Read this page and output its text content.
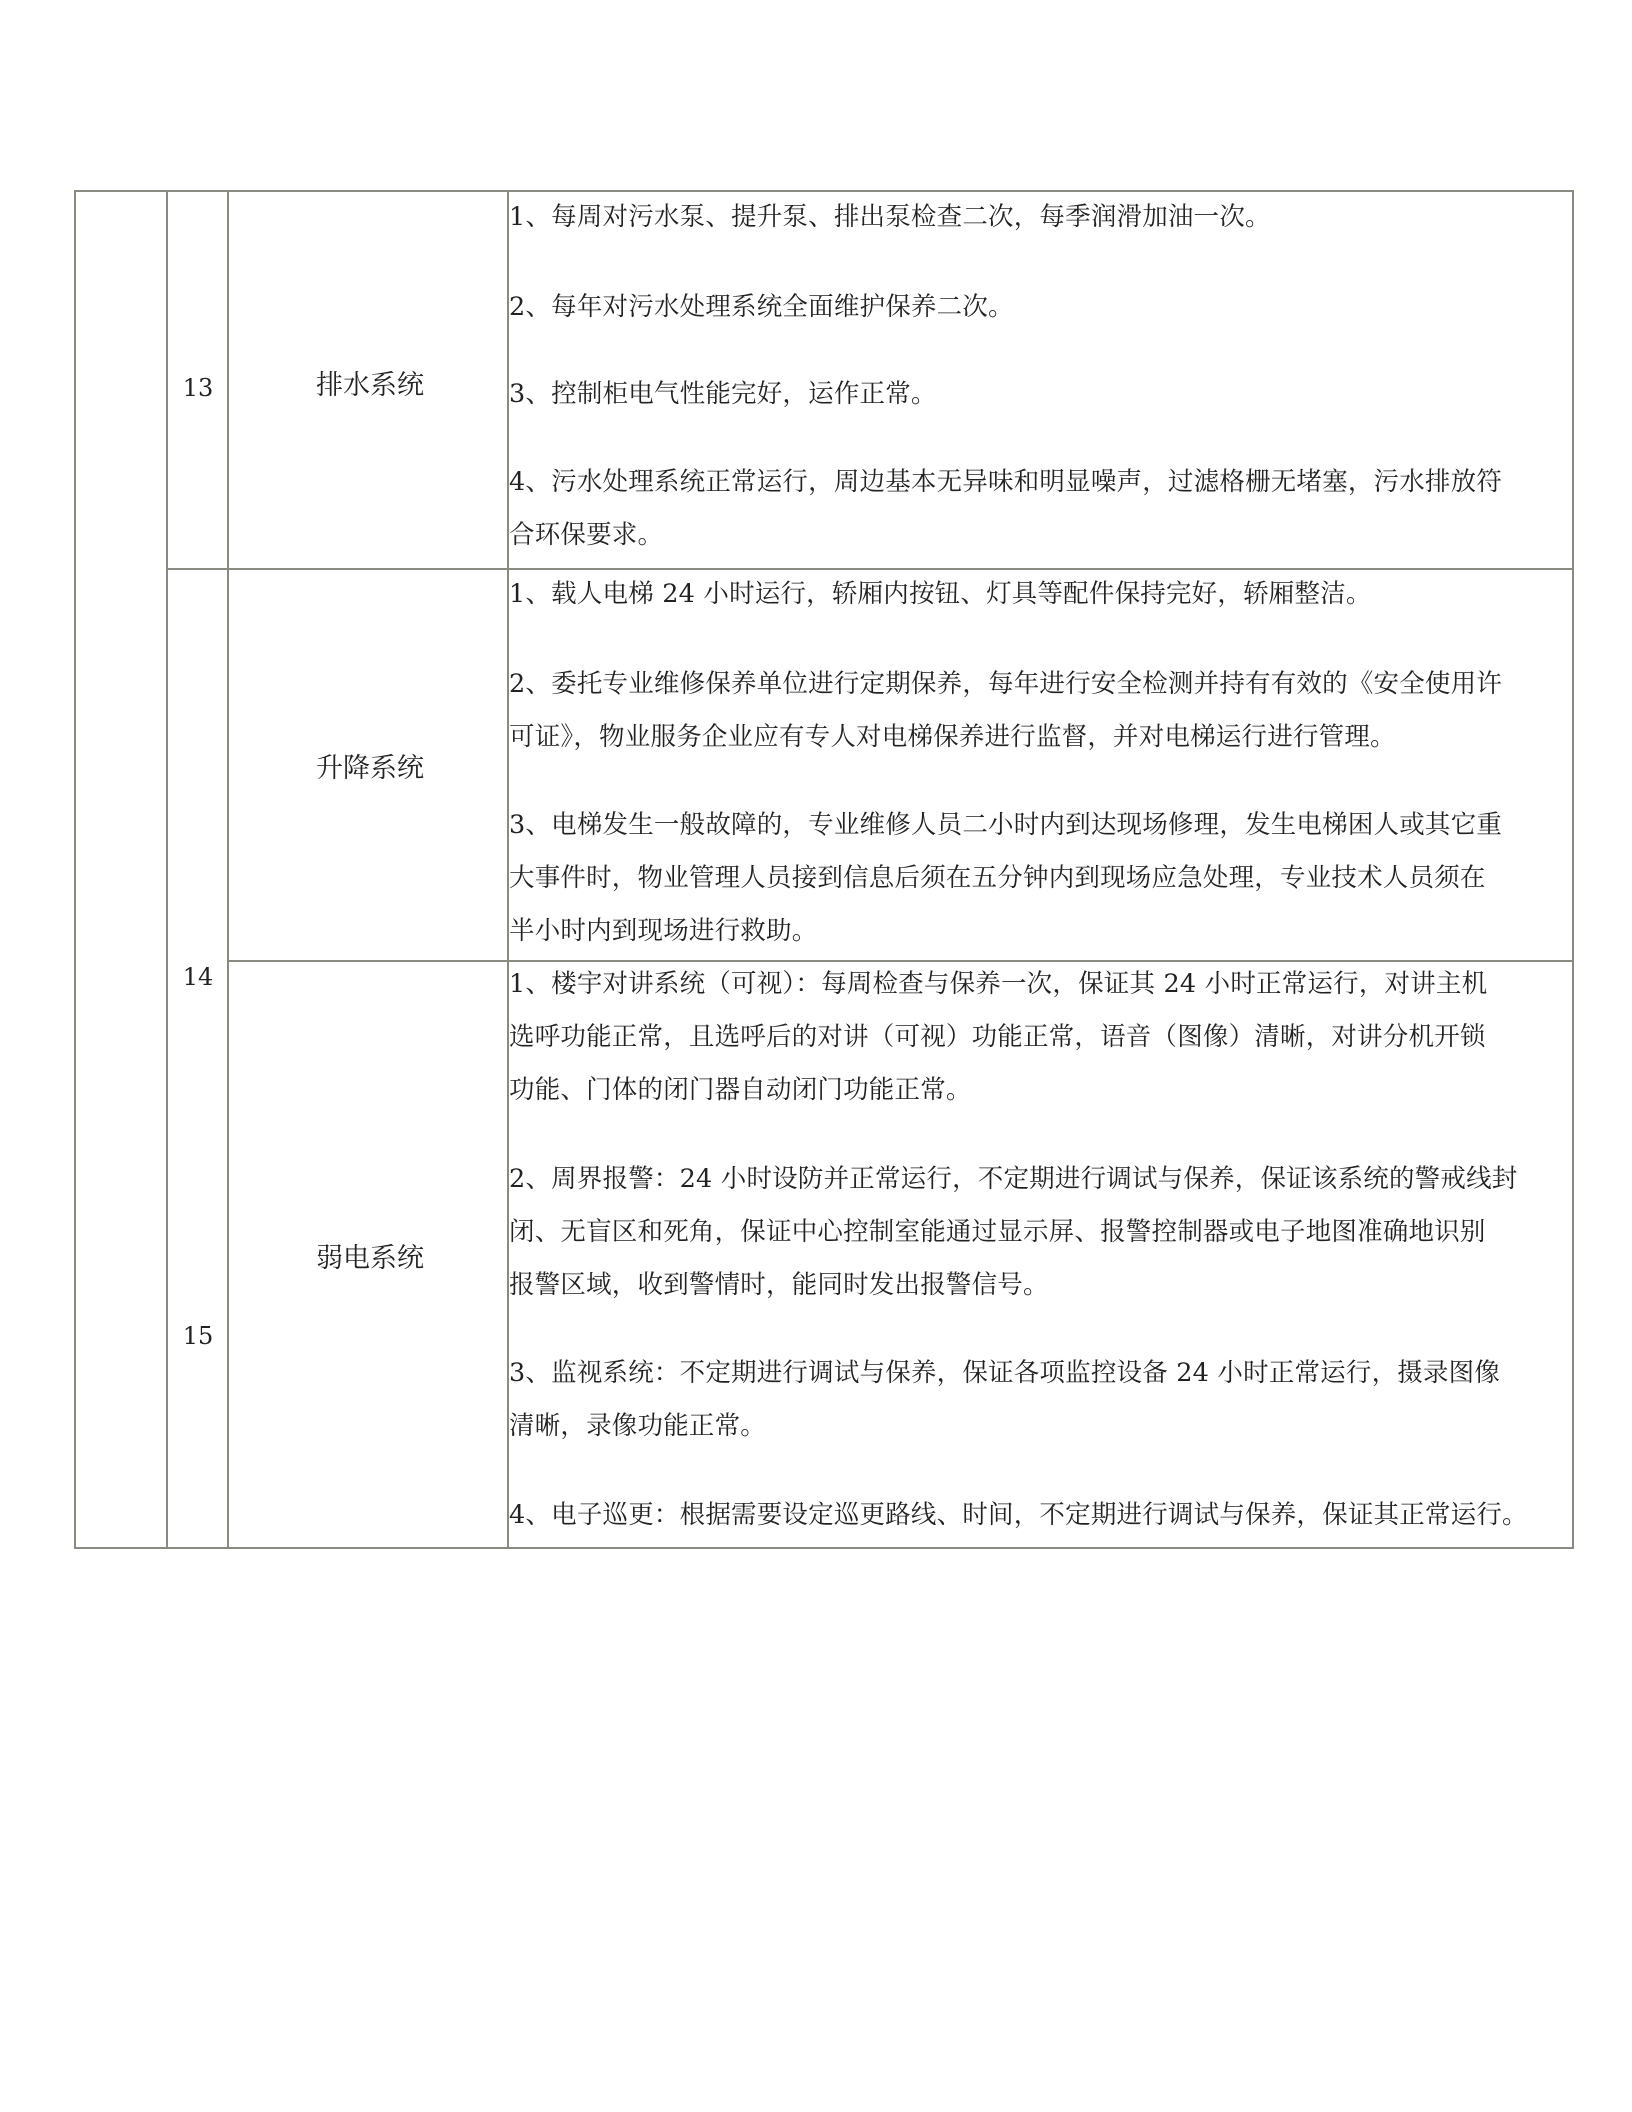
13	排水系统
1、每周对污水泵、提升泵、排出泵检查二次，每季润滑加油一次。
2、每年对污水处理系统全面维护保养二次。
3、控制柜电气性能完好，运作正常。
4、污水处理系统正常运行，周边基本无异味和明显噪声，过滤格栅无堵塞，污水排放符
合环保要求。
升降系统
1、载人电梯 24 小时运行，轿厢内按钮、灯具等配件保持完好，轿厢整洁。
2、委托专业维修保养单位进行定期保养，每年进行安全检测并持有有效的《安全使用许
可证》，物业服务企业应有专人对电梯保养进行监督，并对电梯运行进行管理。
3、电梯发生一般故障的，专业维修人员二小时内到达现场修理，发生电梯困人或其它重
大事件时，物业管理人员接到信息后须在五分钟内到现场应急处理，专业技术人员须在
半小时内到现场进行救助。
14
15
弱电系统
1、楼宇对讲系统（可视）：每周检查与保养一次，保证其 24 小时正常运行，对讲主机
选呼功能正常，且选呼后的对讲（可视）功能正常，语音（图像）清晰，对讲分机开锁
功能、门体的闭门器自动闭门功能正常。
2、周界报警：24 小时设防并正常运行，不定期进行调试与保养，保证该系统的警戒线封
闭、无盲区和死角，保证中心控制室能通过显示屏、报警控制器或电子地图准确地识别
报警区域，收到警情时，能同时发出报警信号。
3、监视系统：不定期进行调试与保养，保证各项监控设备 24 小时正常运行，摄录图像
清晰，录像功能正常。
4、电子巡更：根据需要设定巡更路线、时间，不定期进行调试与保养，保证其正常运行。
